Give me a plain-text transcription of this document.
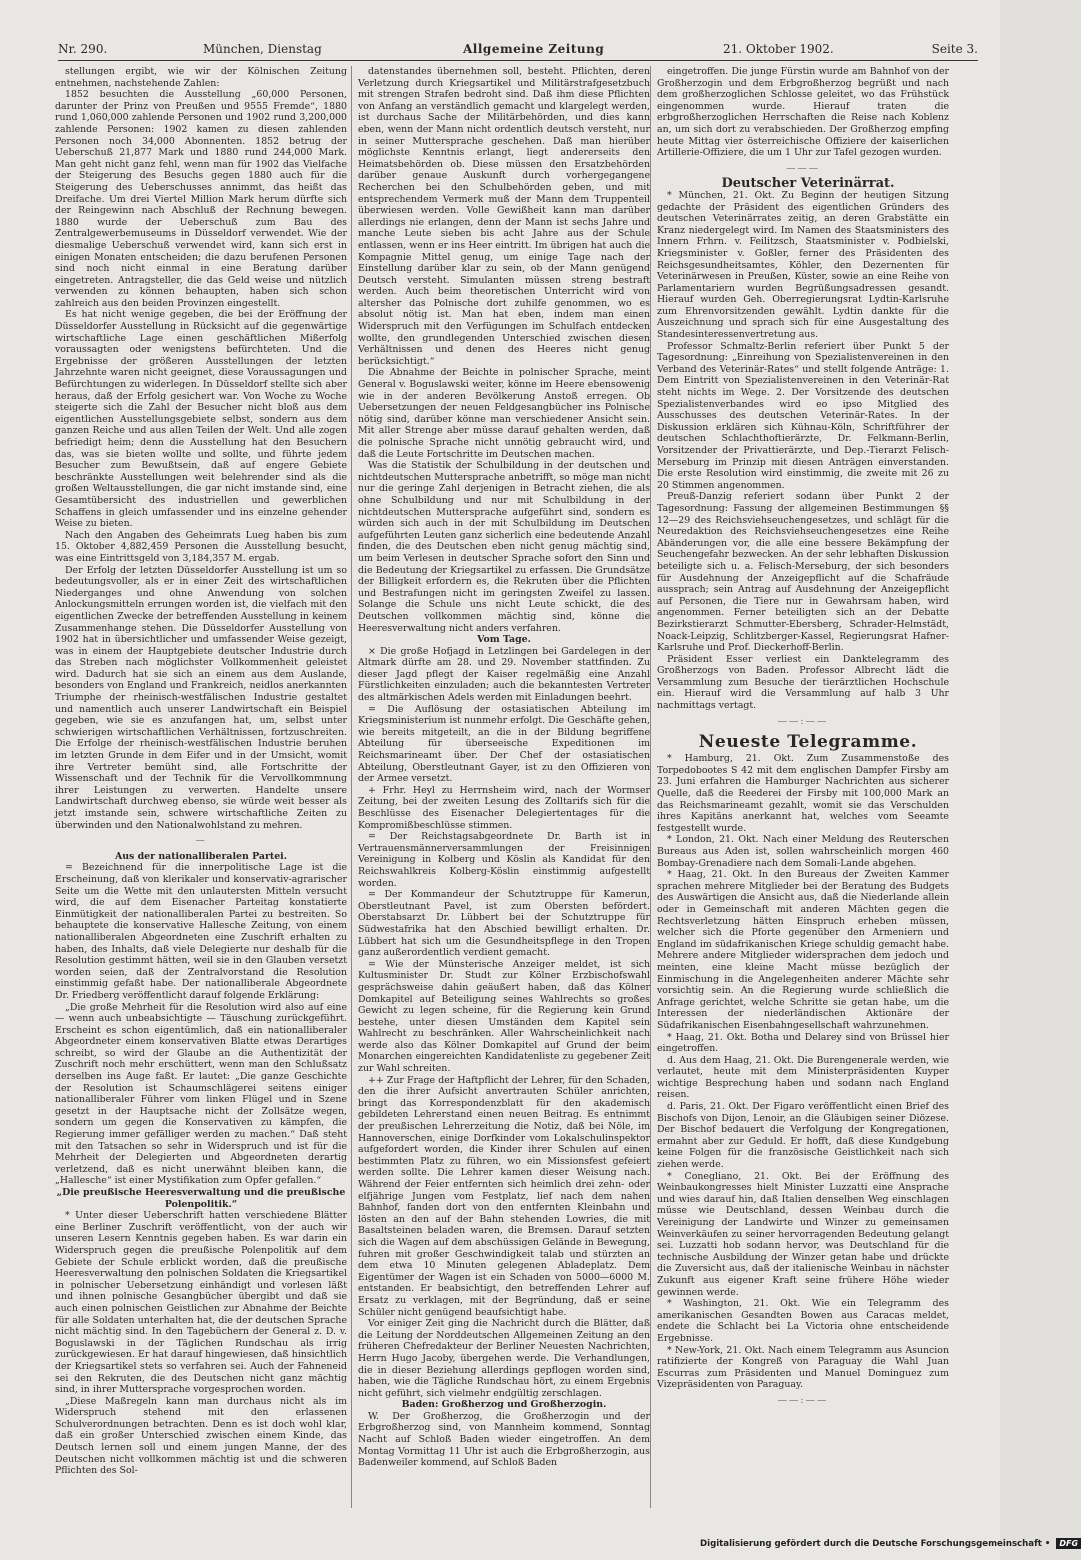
Nr. 290.	München, Dienstag	Allgemeine Zeitung	21. Oktober 1902.	Seite 3.

stellungen ergibt, wie wir der Kölnischen Zeitung entnehmen, nachstehende Zahlen:

1852 besuchten die Ausstellung „60,000 Personen, darunter der Prinz von Preußen und 9555 Fremde“, 1880 rund 1,060,000 zahlende Personen und 1902 rund 3,200,000 zahlende Personen: 1902 kamen zu diesen zahlenden Personen noch 34,000 Abonnenten. 1852 betrug der Ueberschuß 21,877 Mark und 1880 rund 244,000 Mark. Man geht nicht ganz fehl, wenn man für 1902 das Vielfache der Steigerung des Besuchs gegen 1880 auch für die Steigerung des Ueberschusses annimmt, das heißt das Dreifache. Um drei Viertel Million Mark herum dürfte sich der Reingewinn nach Abschluß der Rechnung bewegen. 1880 wurde der Ueberschuß zum Bau des Zentralgewerbemuseums in Düsseldorf verwendet. Wie der diesmalige Ueberschuß verwendet wird, kann sich erst in einigen Monaten entscheiden; die dazu berufenen Personen sind noch nicht einmal in eine Beratung darüber eingetreten. Antragsteller, die das Geld weise und nützlich verwenden zu können behaupten, haben sich schon zahlreich aus den beiden Provinzen eingestellt.

Es hat nicht wenige gegeben, die bei der Eröffnung der Düsseldorfer Ausstellung in Rücksicht auf die gegenwärtige wirtschaftliche Lage einen geschäftlichen Mißerfolg voraussagten oder wenigstens befürchteten. Und die Ergebnisse der größeren Ausstellungen der letzten Jahrzehnte waren nicht geeignet, diese Voraussagungen und Befürchtungen zu widerlegen. In Düsseldorf stellte sich aber heraus, daß der Erfolg gesichert war. Von Woche zu Woche steigerte sich die Zahl der Besucher nicht bloß aus dem eigentlichen Ausstellungsgebiete selbst, sondern aus dem ganzen Reiche und aus allen Teilen der Welt. Und alle zogen befriedigt heim; denn die Ausstellung hat den Besuchern das, was sie bieten wollte und sollte, und führte jedem Besucher zum Bewußtsein, daß auf engere Gebiete beschränkte Ausstellungen weit belehrender sind als die großen Weltausstellungen, die gar nicht imstande sind, eine Gesamtübersicht des industriellen und gewerblichen Schaffens in gleich umfassender und ins einzelne gehender Weise zu bieten.

Nach den Angaben des Geheimrats Lueg haben bis zum 15. Oktober 4,882,459 Personen die Ausstellung besucht, was eine Eintrittsgeld von 3,184,357 M. ergab.

Der Erfolg der letzten Düsseldorfer Ausstellung ist um so bedeutungsvoller, als er in einer Zeit des wirtschaftlichen Niederganges und ohne Anwendung von solchen Anlockungsmitteln errungen worden ist, die vielfach mit den eigentlichen Zwecke der betreffenden Ausstellung in keinem Zusammenhange stehen. Die Düsseldorfer Ausstellung von 1902 hat in übersichtlicher und umfassender Weise gezeigt, was in einem der Hauptgebiete deutscher Industrie durch das Streben nach möglichster Vollkommenheit geleistet wird. Dadurch hat sie sich an einem aus dem Auslande, besonders von England und Frankreich, neidlos anerkannten Triumphe der rheinisch-westfälischen Industrie gestaltet und namentlich auch unserer Landwirtschaft ein Beispiel gegeben, wie sie es anzufangen hat, um, selbst unter schwierigen wirtschaftlichen Verhältnissen, fortzuschreiten. Die Erfolge der rheinisch-westfälischen Industrie beruhen im letzten Grunde in dem Eifer und in der Umsicht, womit ihre Vertreter bemüht sind, alle Fortschritte der Wissenschaft und der Technik für die Vervollkommnung ihrer Leistungen zu verwerten. Handelte unsere Landwirtschaft durchweg ebenso, sie würde weit besser als jetzt imstande sein, schwere wirtschaftliche Zeiten zu überwinden und den Nationalwohlstand zu mehren.

—

Aus der nationalliberalen Partei.

= Bezeichnend für die innerpolitische Lage ist die Erscheinung, daß von klerikaler und konservativ-agrarischer Seite um die Wette mit den unlautersten Mitteln versucht wird, die auf dem Eisenacher Parteitag konstatierte Einmütigkeit der nationalliberalen Partei zu bestreiten. So behauptete die konservative Hallesche Zeitung, von einem nationalliberalen Abgeordneten eine Zuschrift erhalten zu haben, des Inhalts, daß viele Delegierte nur deshalb für die Resolution gestimmt hätten, weil sie in den Glauben versetzt worden seien, daß der Zentralvorstand die Resolution einstimmig gefaßt habe. Der nationalliberale Abgeordnete Dr. Friedberg veröffentlicht darauf folgende Erklärung:

„Die große Mehrheit für die Resolution wird also auf eine — wenn auch unbeabsichtigte — Täuschung zurückgeführt. Erscheint es schon eigentümlich, daß ein nationalliberaler Abgeordneter einem konservativen Blatte etwas Derartiges schreibt, so wird der Glaube an die Authentizität der Zuschrift noch mehr erschüttert, wenn man den Schlußsatz derselben ins Auge faßt. Er lautet: „Die ganze Geschichte der Resolution ist Schaumschlägerei seitens einiger nationalliberaler Führer vom linken Flügel und in Szene gesetzt in der Hauptsache nicht der Zollsätze wegen, sondern um gegen die Konservativen zu kämpfen, die Regierung immer gefälliger werden zu machen.“ Daß steht mit den Tatsachen so sehr in Widerspruch und ist für die Mehrheit der Delegierten und Abgeordneten derartig verletzend, daß es nicht unerwähnt bleiben kann, die „Hallesche“ ist einer Mystifikation zum Opfer gefallen.“

„Die preußische Heeresverwaltung und die preußische Polenpolitik.“

* Unter dieser Ueberschrift hatten verschiedene Blätter eine Berliner Zuschrift veröffentlicht, von der auch wir unseren Lesern Kenntnis gegeben haben. Es war darin ein Widerspruch gegen die preußische Polenpolitik auf dem Gebiete der Schule erblickt worden, daß die preußische Heeresverwaltung den polnischen Soldaten die Kriegsartikel in polnischer Uebersetzung einhändigt und vorlesen läßt und ihnen polnische Gesangbücher übergibt und daß sie auch einen polnischen Geistlichen zur Abnahme der Beichte für alle Soldaten unterhalten hat, die der deutschen Sprache nicht mächtig sind. In den Tagebüchern der General z. D. v. Boguslawski in der Täglichen Rundschau als irrig zurückgewiesen. Er hat darauf hingewiesen, daß hinsichtlich der Kriegsartikel stets so verfahren sei. Auch der Fahneneid sei den Rekruten, die des Deutschen nicht ganz mächtig sind, in ihrer Muttersprache vorgesprochen worden.

„Diese Maßregeln kann man durchaus nicht als im Widerspruch stehend mit den erlassenen Schulverordnungen betrachten. Denn es ist doch wohl klar, daß ein großer Unterschied zwischen einem Kinde, das Deutsch lernen soll und einem jungen Manne, der des Deutschen nicht vollkommen mächtig ist und die schweren Pflichten des Sol-

datenstandes übernehmen soll, besteht. Pflichten, deren Verletzung durch Kriegsartikel und Militärstrafgesetzbuch mit strengen Strafen bedroht sind. Daß ihm diese Pflichten von Anfang an verständlich gemacht und klargelegt werden, ist durchaus Sache der Militärbehörden, und dies kann eben, wenn der Mann nicht ordentlich deutsch versteht, nur in seiner Muttersprache geschehen. Daß man hierüber möglichste Kenntnis erlangt, liegt andererseits den Heimatsbehörden ob. Diese müssen den Ersatzbehörden darüber genaue Auskunft durch vorhergegangene Recherchen bei den Schulbehörden geben, und mit entsprechendem Vermerk muß der Mann dem Truppenteil überwiesen werden. Volle Gewißheit kann man darüber allerdings nie erlangen, denn der Mann ist sechs Jahre und manche Leute sieben bis acht Jahre aus der Schule entlassen, wenn er ins Heer eintritt. Im übrigen hat auch die Kompagnie Mittel genug, um einige Tage nach der Einstellung darüber klar zu sein, ob der Mann genügend Deutsch versteht. Simulanten müssen streng bestraft werden. Auch beim theoretischen Unterricht wird von altersher das Polnische dort zuhilfe genommen, wo es absolut nötig ist. Man hat eben, indem man einen Widerspruch mit den Verfügungen im Schulfach entdecken wollte, den grundlegenden Unterschied zwischen diesen Verhältnissen und denen des Heeres nicht genug berücksichtigt.“

Die Abnahme der Beichte in polnischer Sprache, meint General v. Boguslawski weiter, könne im Heere ebensowenig wie in der anderen Bevölkerung Anstoß erregen. Ob Uebersetzungen der neuen Feldgesangbücher ins Polnische nötig sind, darüber könne man verschiedener Ansicht sein. Mit aller Strenge aber müsse darauf gehalten werden, daß die polnische Sprache nicht unnötig gebraucht wird, und daß die Leute Fortschritte im Deutschen machen.

Was die Statistik der Schulbildung in der deutschen und nichtdeutschen Muttersprache anbetrifft, so möge man nicht nur die geringe Zahl derjenigen in Betracht ziehen, die als ohne Schulbildung und nur mit Schulbildung in der nichtdeutschen Muttersprache aufgeführt sind, sondern es würden sich auch in der mit Schulbildung im Deutschen aufgeführten Leuten ganz sicherlich eine bedeutende Anzahl finden, die des Deutschen eben nicht genug mächtig sind, um beim Verlesen in deutscher Sprache sofort den Sinn und die Bedeutung der Kriegsartikel zu erfassen. Die Grundsätze der Billigkeit erfordern es, die Rekruten über die Pflichten und Bestrafungen nicht im geringsten Zweifel zu lassen. Solange die Schule uns nicht Leute schickt, die des Deutschen vollkommen mächtig sind, könne die Heeresverwaltung nicht anders verfahren.

Vom Tage.

× Die große Hofjagd in Letzlingen bei Gardelegen in der Altmark dürfte am 28. und 29. November stattfinden. Zu dieser Jagd pflegt der Kaiser regelmäßig eine Anzahl Fürstlichkeiten einzuladen; auch die bekanntesten Vertreter des altmärkischen Adels werden mit Einladungen beehrt.

= Die Auflösung der ostasiatischen Abteilung im Kriegsministerium ist nunmehr erfolgt. Die Geschäfte gehen, wie bereits mitgeteilt, an die in der Bildung begriffene Abteilung für überseeische Expeditionen im Reichsmarineamt über. Der Chef der ostasiatischen Abteilung, Oberstleutnant Gayer, ist zu den Offizieren von der Armee versetzt.

+ Frhr. Heyl zu Herrnsheim wird, nach der Wormser Zeitung, bei der zweiten Lesung des Zolltarifs sich für die Beschlüsse des Eisenacher Delegiertentages für die Kompromißbeschlüsse stimmen.

= Der Reichstagsabgeordnete Dr. Barth ist in Vertrauensmännerversammlungen der Freisinnigen Vereinigung in Kolberg und Köslin als Kandidat für den Reichswahlkreis Kolberg-Köslin einstimmig aufgestellt worden.

= Der Kommandeur der Schutztruppe für Kamerun, Oberstleutnant Pavel, ist zum Obersten befördert. Oberstabsarzt Dr. Lübbert bei der Schutztruppe für Südwestafrika hat den Abschied bewilligt erhalten. Dr. Lübbert hat sich um die Gesundheitspflege in den Tropen ganz außerordentlich verdient gemacht.

= Wie der Münsterische Anzeiger meldet, ist sich Kultusminister Dr. Studt zur Kölner Erzbischofswahl gesprächsweise dahin geäußert haben, daß das Kölner Domkapitel auf Beteiligung seines Wahlrechts so großes Gewicht zu legen scheine, für die Regierung kein Grund bestehe, unter diesen Umständen dem Kapitel sein Wahlrecht zu beschränken. Aller Wahrscheinlichkeit nach werde also das Kölner Domkapitel auf Grund der beim Monarchen eingereichten Kandidatenliste zu gegebener Zeit zur Wahl schreiten.

++ Zur Frage der Haftpflicht der Lehrer, für den Schaden, den die ihrer Aufsicht anvertrauten Schüler anrichten, bringt das Korrespondenzblatt für den akademisch gebildeten Lehrerstand einen neuen Beitrag. Es entnimmt der preußischen Lehrerzeitung die Notiz, daß bei Nöle, im Hannoverschen, einige Dorfkinder vom Lokalschulinspektor aufgefordert worden, die Kinder ihrer Schulen auf einen bestimmten Platz zu führen, wo ein Missionsfest gefeiert werden sollte. Die Lehrer kamen dieser Weisung nach. Während der Feier entfernten sich heimlich drei zehn- oder elfjährige Jungen vom Festplatz, lief nach dem nahen Bahnhof, fanden dort von den entfernten Kleinbahn und lösten an den auf der Bahn stehenden Lowries, die mit Basaltsteinen beladen waren, die Bremsen. Darauf setzten sich die Wagen auf dem abschüssigen Gelände in Bewegung, fuhren mit großer Geschwindigkeit talab und stürzten an dem etwa 10 Minuten gelegenen Abladeplatz. Dem Eigentümer der Wagen ist ein Schaden von 5000—6000 M. entstanden. Er beabsichtigt, den betreffenden Lehrer auf Ersatz zu verklagen, mit der Begründung, daß er seine Schüler nicht genügend beaufsichtigt habe.

Vor einiger Zeit ging die Nachricht durch die Blätter, daß die Leitung der Norddeutschen Allgemeinen Zeitung an den früheren Chefredakteur der Berliner Neuesten Nachrichten, Herrn Hugo Jacoby, übergehen werde. Die Verhandlungen, die in dieser Beziehung allerdings gepflogen worden sind, haben, wie die Tägliche Rundschau hört, zu einem Ergebnis nicht geführt, sich vielmehr endgültig zerschlagen.

Baden: Großherzog und Großherzogin.

W. Der Großherzog, die Großherzogin und der Erbgroßherzog sind, von Mannheim kommend, Sonntag Nacht auf Schloß Baden wieder eingetroffen. An dem Montag Vormittag 11 Uhr ist auch die Erbgroßherzogin, aus Badenweiler kommend, auf Schloß Baden

eingetroffen. Die junge Fürstin wurde am Bahnhof von der Großherzogin und dem Erbgroßherzog begrüßt und nach dem großherzoglichen Schlosse geleitet, wo das Frühstück eingenommen wurde. Hierauf traten die erbgroßherzoglichen Herrschaften die Reise nach Koblenz an, um sich dort zu verabschieden. Der Großherzog empfing heute Mittag vier österreichische Offiziere der kaiserlichen Artillerie-Offiziere, die um 1 Uhr zur Tafel gezogen wurden.

———

Deutscher Veterinärrat.

* München, 21. Okt. Zu Beginn der heutigen Sitzung gedachte der Präsident des eigentlichen Gründers des deutschen Veterinärrates zeitig, an deren Grabstätte ein Kranz niedergelegt wird. Im Namen des Staatsministers des Innern Frhrn. v. Feilitzsch, Staatsminister v. Podbielski, Kriegsminister v. Goßler, ferner des Präsidenten des Reichsgesundheitsamtes, Köhler, den Dezernenten für Veterinärwesen in Preußen, Küster, sowie an eine Reihe von Parlamentariern wurden Begrüßungsadressen gesandt. Hierauf wurden Geh. Oberregierungsrat Lydtin-Karlsruhe zum Ehrenvorsitzenden gewählt. Lydtin dankte für die Auszeichnung und sprach sich für eine Ausgestaltung des Standesinteressenvertretung aus.

Professor Schmaltz-Berlin referiert über Punkt 5 der Tagesordnung: „Einreihung von Spezialistenvereinen in den Verband des Veterinär-Rates“ und stellt folgende Anträge: 1. Dem Eintritt von Spezialistenvereinen in den Veterinär-Rat steht nichts im Wege. 2. Der Vorsitzende des deutschen Spezialistenverbandes wird eo ipso Mitglied des Ausschusses des deutschen Veterinär-Rates. In der Diskussion erklären sich Kühnau-Köln, Schriftführer der deutschen Schlachthoftierärzte, Dr. Felkmann-Berlin, Vorsitzender der Privattierärzte, und Dep.-Tierarzt Felisch-Merseburg im Prinzip mit diesen Anträgen einverstanden. Die erste Resolution wird einstimmig, die zweite mit 26 zu 20 Stimmen angenommen.

Preuß-Danzig referiert sodann über Punkt 2 der Tagesordnung: Fassung der allgemeinen Bestimmungen §§ 12—29 des Reichsviehseuchengesetzes, und schlägt für die Neuredaktion des Reichsviehseuchengesetzes eine Reihe Abänderungen vor, die alle eine bessere Bekämpfung der Seuchengefahr bezwecken. An der sehr lebhaften Diskussion beteiligte sich u. a. Felisch-Merseburg, der sich besonders für Ausdehnung der Anzeigepflicht auf die Schafräude aussprach; sein Antrag auf Ausdehnung der Anzeigepflicht auf Personen, die Tiere nur in Gewahrsam haben, wird angenommen. Ferner beteiligten sich an der Debatte Bezirkstierarzt Schmutter-Ebersberg, Schrader-Helmstädt, Noack-Leipzig, Schlitzberger-Kassel, Regierungsrat Hafner-Karlsruhe und Prof. Dieckerhoff-Berlin.

Präsident Esser verliest ein Danktelegramm des Großherzogs von Baden. Professor Albrecht lädt die Versammlung zum Besuche der tierärztlichen Hochschule ein. Hierauf wird die Versammlung auf halb 3 Uhr nachmittags vertagt.

——:——

Neueste Telegramme.

* Hamburg, 21. Okt. Zum Zusammenstoße des Torpedobootes S 42 mit dem englischen Dampfer Firsby am 23. Juni erfahren die Hamburger Nachrichten aus sicherer Quelle, daß die Reederei der Firsby mit 100,000 Mark an das Reichsmarineamt gezahlt, womit sie das Verschulden ihres Kapitäns anerkannt hat, welches vom Seeamte festgestellt wurde.

* London, 21. Okt. Nach einer Meldung des Reuterschen Bureaus aus Aden ist, sollen wahrscheinlich morgen 460 Bombay-Grenadiere nach dem Somali-Lande abgehen.

* Haag, 21. Okt. In den Bureaus der Zweiten Kammer sprachen mehrere Mitglieder bei der Beratung des Budgets des Auswärtigen die Ansicht aus, daß die Niederlande allein oder in Gemeinschaft mit anderen Mächten gegen die Rechtsverletzung hätten Einspruch erheben müssen, welcher sich die Pforte gegenüber den Armeniern und England im südafrikanischen Kriege schuldig gemacht habe. Mehrere andere Mitglieder widersprachen dem jedoch und meinten, eine kleine Macht müsse bezüglich der Einmischung in die Angelegenheiten anderer Mächte sehr vorsichtig sein. An die Regierung wurde schließlich die Anfrage gerichtet, welche Schritte sie getan habe, um die Interessen der niederländischen Aktionäre der Südafrikanischen Eisenbahngesellschaft wahrzunehmen.

* Haag, 21. Okt. Botha und Delarey sind von Brüssel hier eingetroffen.

d. Aus dem Haag, 21. Okt. Die Burengenerale werden, wie verlautet, heute mit dem Ministerpräsidenten Kuyper wichtige Besprechung haben und sodann nach England reisen.

d. Paris, 21. Okt. Der Figaro veröffentlicht einen Brief des Bischofs von Dijon, Lenoir, an die Gläubigen seiner Diözese. Der Bischof bedauert die Verfolgung der Kongregationen, ermahnt aber zur Geduld. Er hofft, daß diese Kundgebung keine Folgen für die französische Geistlichkeit nach sich ziehen werde.

* Conegliano, 21. Okt. Bei der Eröffnung des Weinbaukongresses hielt Minister Luzzatti eine Ansprache und wies darauf hin, daß Italien denselben Weg einschlagen müsse wie Deutschland, dessen Weinbau durch die Vereinigung der Landwirte und Winzer zu gemeinsamen Weinverkäufen zu seiner hervorragenden Bedeutung gelangt sei. Luzzatti hob sodann hervor, was Deutschland für die technische Ausbildung der Winzer getan habe und drückte die Zuversicht aus, daß der italienische Weinbau in nächster Zukunft aus eigener Kraft seine frühere Höhe wieder gewinnen werde.

* Washington, 21. Okt. Wie ein Telegramm des amerikanischen Gesandten Bowen aus Caracas meldet, endete die Schlacht bei La Victoria ohne entscheidende Ergebnisse.

* New-York, 21. Okt. Nach einem Telegramm aus Asuncion ratifizierte der Kongreß von Paraguay die Wahl Juan Escurras zum Präsidenten und Manuel Dominguez zum Vizepräsidenten von Paraguay.

——:——
Digitalisierung gefördert durch die Deutsche Forschungsgemeinschaft • DFG
